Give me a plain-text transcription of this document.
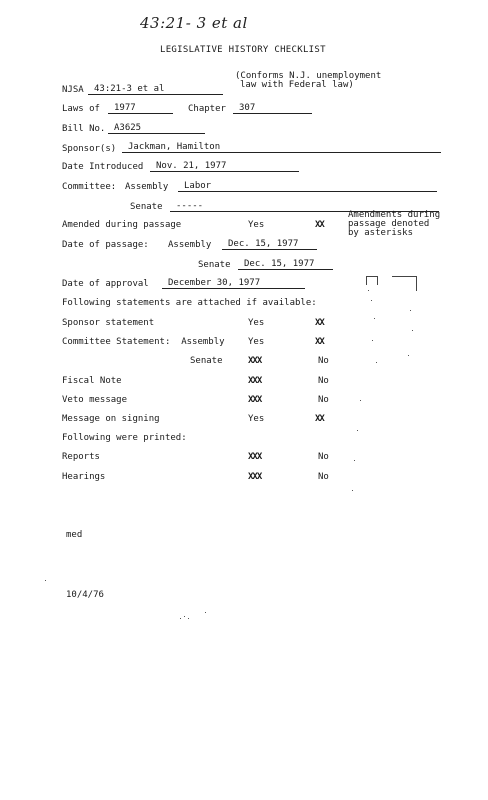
43:21- 3 et al
LEGISLATIVE HISTORY CHECKLIST
NJSA	43:21-3 et al
(Conforms N.J. unemployment
law with Federal law)
Laws of	1977	Chapter	307
Bill No. A3625
Sponsor(s)	Jackman, Hamilton
Date Introduced	Nov. 21, 1977
Committee: Assembly	Labor
Senate	-----
Amended during passage	Yes	XX
Amendments during
passage denoted
by asterisks
Date of passage: Assembly	Dec. 15, 1977
Senate	Dec. 15, 1977
Date of approval	December 30, 1977
Following statements are attached if available:
Sponsor statement	Yes	XX
Committee Statement:  Assembly	Yes	XX
Senate	XXX	No
Fiscal Note	XXX	No
Veto message	XXX	No
Message on signing	Yes	XX
Following were printed:
Reports	XXX	No
Hearings	XXX	No
med
10/4/76
